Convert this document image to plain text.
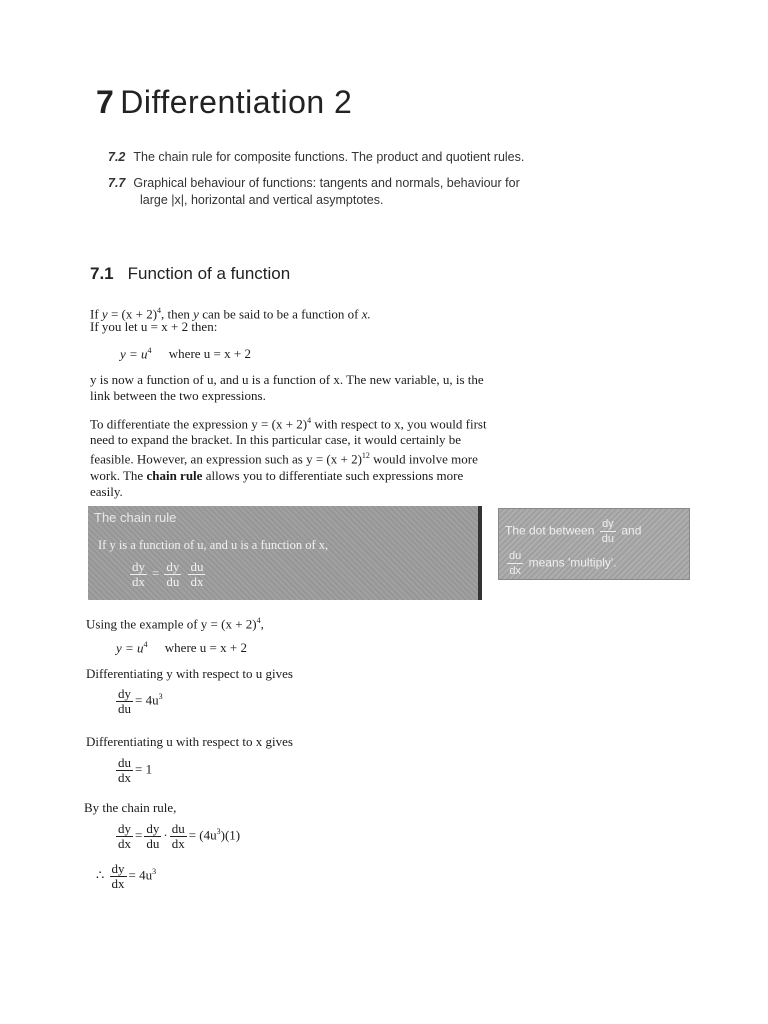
7 Differentiation 2
7.2 The chain rule for composite functions. The product and quotient rules.
7.7 Graphical behaviour of functions: tangents and normals, behaviour for
large |x|, horizontal and vertical asymptotes.
7.1 Function of a function
If $y = (x + 2)^4$, then y can be said to be a function of x.
If you let u = x + 2 then:
$y = u^4$ where u = x + 2
y is now a function of u, and u is a function of x. The new variable, u, is the link between the two expressions.
To differentiate the expression $y = (x + 2)^4$ with respect to x, you would first need to expand the bracket. In this particular case, it would certainly be feasible. However, an expression such as $y = (x + 2)^{12}$ would involve more work. The chain rule allows you to differentiate such expressions more easily.
The chain rule
If y is a function of u, and u is a function of x,
$\frac{dy}{dx} = \frac{dy}{du}$
$\frac{du}{dx}$
The dot between $\frac{dy}{du}$ and
$\frac{du}{dx}$ means 'multiply'.
Using the example of $y = (x + 2)^4$,
$y = u^4$ where u = x + 2
Differentiating y with respect to u gives
$\frac{dy}{du} = 4u^3$
Differentiating u with respect to x gives
$\frac{du}{dx} = 1$
By the chain rule,
$\frac{dy}{dx} = \frac{dy}{du} \cdot \frac{du}{dx} = (4u^3)(1)$
∴ $\frac{dy}{dx} = 4u^3$
